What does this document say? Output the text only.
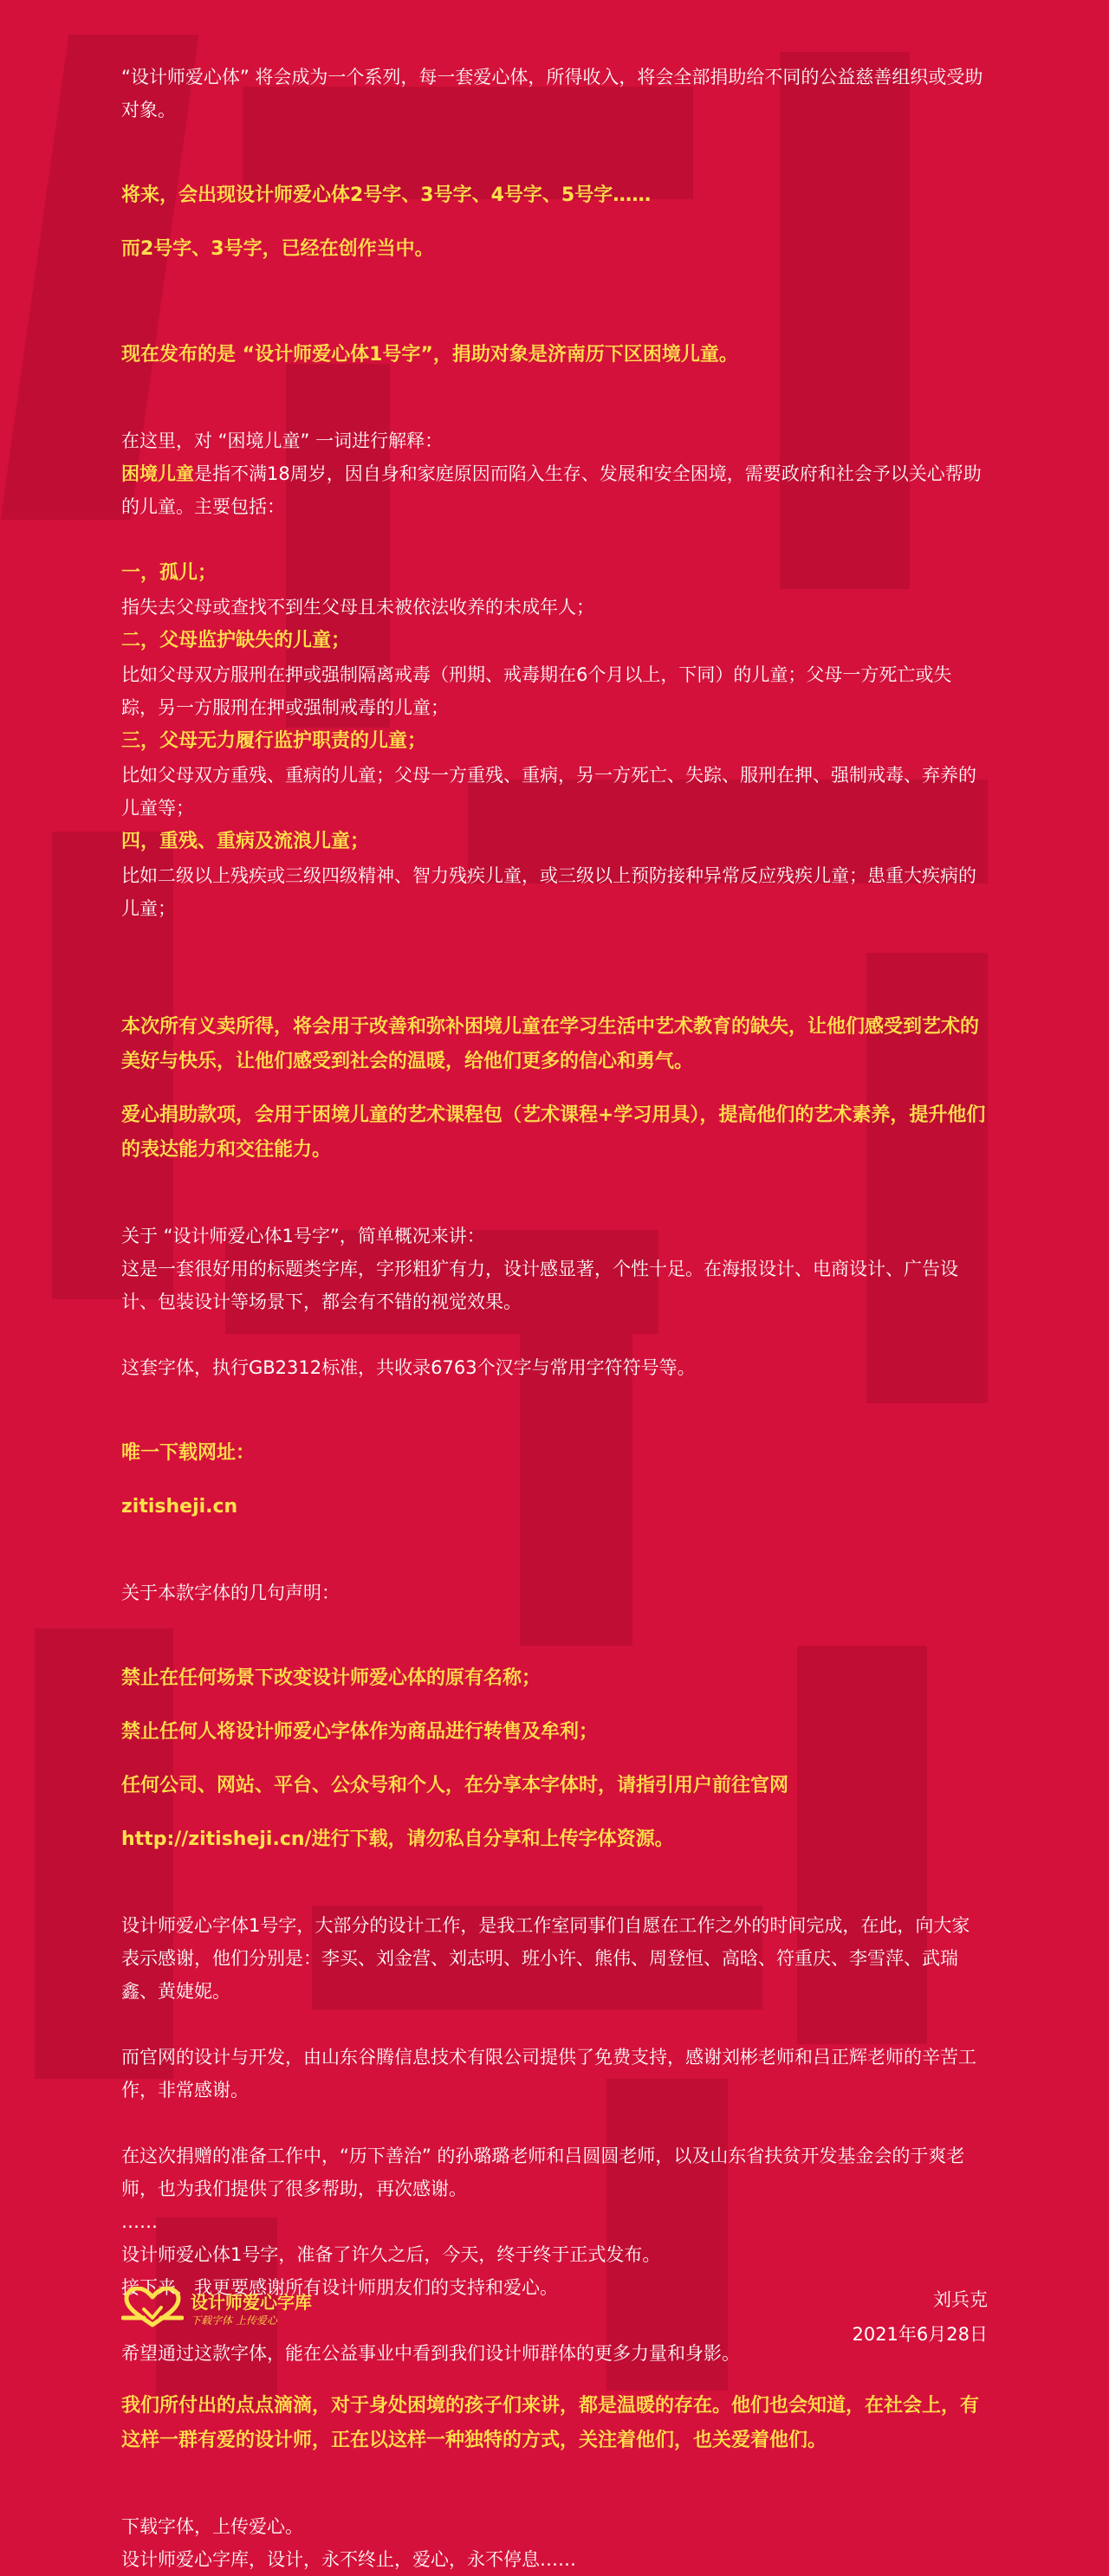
“设计师爱心体” 将会成为一个系列，每一套爱心体，所得收入，将会全部捐助给不同的公益慈善组织或受助对象。

将来，会出现设计师爱心体2号字、3号字、4号字、5号字……

而2号字、3号字，已经在创作当中。

现在发布的是 “设计师爱心体1号字”，捐助对象是济南历下区困境儿童。

在这里，对 “困境儿童” 一词进行解释：

困境儿童是指不满18周岁，因自身和家庭原因而陷入生存、发展和安全困境，需要政府和社会予以关心帮助的儿童。主要包括：

一，孤儿；

指失去父母或查找不到生父母且未被依法收养的未成年人；

二，父母监护缺失的儿童；

比如父母双方服刑在押或强制隔离戒毒（刑期、戒毒期在6个月以上，下同）的儿童；父母一方死亡或失踪，另一方服刑在押或强制戒毒的儿童；

三，父母无力履行监护职责的儿童；

比如父母双方重残、重病的儿童；父母一方重残、重病，另一方死亡、失踪、服刑在押、强制戒毒、弃养的儿童等；

四，重残、重病及流浪儿童；

比如二级以上残疾或三级四级精神、智力残疾儿童，或三级以上预防接种异常反应残疾儿童；患重大疾病的儿童；

本次所有义卖所得，将会用于改善和弥补困境儿童在学习生活中艺术教育的缺失，让他们感受到艺术的美好与快乐，让他们感受到社会的温暖，给他们更多的信心和勇气。

爱心捐助款项，会用于困境儿童的艺术课程包（艺术课程+学习用具），提高他们的艺术素养，提升他们的表达能力和交往能力。

关于 “设计师爱心体1号字”，简单概况来讲：

这是一套很好用的标题类字库，字形粗犷有力，设计感显著，个性十足。在海报设计、电商设计、广告设计、包装设计等场景下，都会有不错的视觉效果。

这套字体，执行GB2312标准，共收录6763个汉字与常用字符符号等。

唯一下载网址：

zitisheji.cn

关于本款字体的几句声明：

禁止在任何场景下改变设计师爱心体的原有名称；

禁止任何人将设计师爱心字体作为商品进行转售及牟利；

任何公司、网站、平台、公众号和个人，在分享本字体时，请指引用户前往官网

http://zitisheji.cn/进行下载，请勿私自分享和上传字体资源。

设计师爱心字体1号字，大部分的设计工作，是我工作室同事们自愿在工作之外的时间完成，在此，向大家表示感谢，他们分别是：李买、刘金营、刘志明、班小许、熊伟、周登恒、高晗、符重庆、李雪萍、武瑞鑫、黄婕妮。

而官网的设计与开发，由山东谷腾信息技术有限公司提供了免费支持，感谢刘彬老师和吕正辉老师的辛苦工作，非常感谢。

在这次捐赠的准备工作中，“历下善治” 的孙璐璐老师和吕圆圆老师，以及山东省扶贫开发基金会的于爽老师，也为我们提供了很多帮助，再次感谢。

……

设计师爱心体1号字，准备了许久之后，今天，终于终于正式发布。

接下来，我更要感谢所有设计师朋友们的支持和爱心。

希望通过这款字体，能在公益事业中看到我们设计师群体的更多力量和身影。

我们所付出的点点滴滴，对于身处困境的孩子们来讲，都是温暖的存在。他们也会知道，在社会上，有这样一群有爱的设计师，正在以这样一种独特的方式，关注着他们，也关爱着他们。

下载字体，上传爱心。

设计师爱心字库，设计，永不终止，爱心，永不停息……

设计师爱心字库
下载字体 上传爱心
刘兵克
2021年6月28日
